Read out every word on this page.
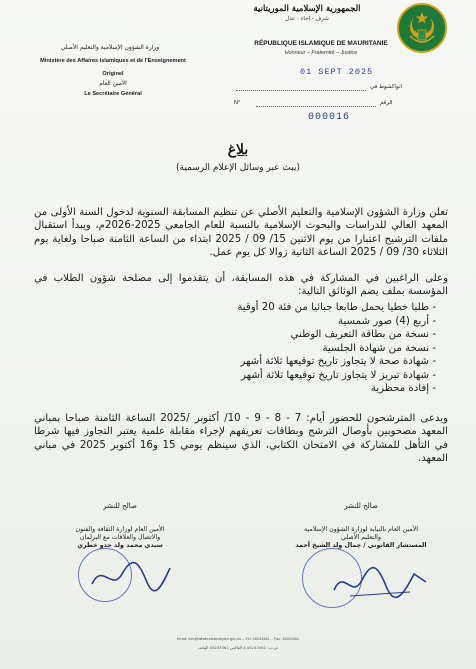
الجمهورية الإسلامية الموريتانية
شرف - إخاء - عدل
وزارة الشؤون الإسلامية والتعليم الأصلي
Ministère des Affaires Islamiques et de l'Enseignement
Originel
الأمين العام
Le Secrétaire Général
RÉPUBLIQUE ISLAMIQUE DE MAURITANIE
Honneur – Fraternité – Justice
01 SEPT 2025
انواكشوط في
N°	الرقم
000016
بلاغ
(يبث عبر وسائل الإعلام الرسمية)
تعلن وزارة الشؤون الإسلامية والتعليم الأصلي عن تنظيم المسابقة السنوية لدخول السنة الأولى من المعهد العالي للدراسات والبحوث الإسلامية بالنسبة للعام الجامعي 2025-2026م، ويبدأ استقبال ملفات الترشيح اعتبارا من يوم الاثنين 15/ 09 / 2025 ابتداء من الساعة الثامنة صباحا ولغاية يوم الثلاثاء 30/ 09 / 2025 الساعة الثانية زوالا كل يوم عمل.
وعلى الراغبين في المشاركة في هذه المسابقة، أن يتقدموا إلى مصلحة شؤون الطلاب في المؤسسة بملف يضم الوثائق التالية:
- طلبا خطيا يحمل طابعا جبائيا من فئة 20 أوقية
- أربع (4) صور شمسية
- نسخة من بطاقة التعريف الوطني
- نسخة من شهادة الجلسية
- شهادة صحة لا يتجاوز تاريخ توقيعها ثلاثة أشهر
- شهادة تبريز لا يتجاوز تاريخ توقيعها ثلاثة أشهر
- إفادة محظرية
ويدعى المترشحون للحضور أيام: 7 - 8 - 9 - 10/ أكتوبر /2025 الساعة الثامنة صباحا بمباني المعهد مصحوبين بأوصال الترشح وبطاقات تعريفهم لإجراء مقابلة علمية يعتبر التجاوز فيها شرطا في التأهل للمشاركة في الامتحان الكتابي، الذي سينظم يومي 15 و16 أكتوبر 2025 في مباني المعهد.
صالح للنشر
الأمين العام بالنيابة لوزارة الشؤون الإسلامية
والتعليم الأصلي
المستشار القانوني / جمال ولد الشيخ أحمد
صالح للنشر
الأمين العام لوزارة الثقافة والفنون
والاتصال والعلاقات مع البرلمان
سيدي محمد ولد جدو خطري
Email: info@affairesislamiques.gov.mr – Tél: 45243361 – Fax: 45243361
ص.ب: 4.45243361 الفاكس 45243361 الهاتف
